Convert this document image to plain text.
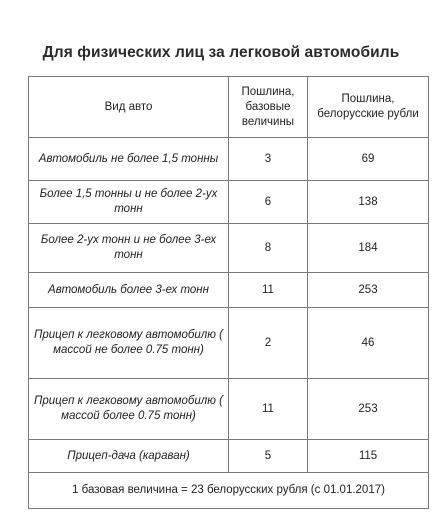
Для физических лиц за легковой автомобиль
Вид авто	Пошлина, базовые величины	Пошлина, белорусские рубли
Автомобиль не более 1,5 тонны	3	69
Более 1,5 тонны и не более 2-ух тонн	6	138
Более 2-ух тонн и не более 3-ех тонн	8	184
Автомобиль более 3-ех тонн	11	253
Прицеп к легковому автомобилю ( массой не более 0.75 тонн)	2	46
Прицеп к легковому автомобилю ( массой более 0.75 тонн)	11	253
Прицеп-дача (караван)	5	115
1 базовая величина = 23 белорусских рубля (с 01.01.2017)		
